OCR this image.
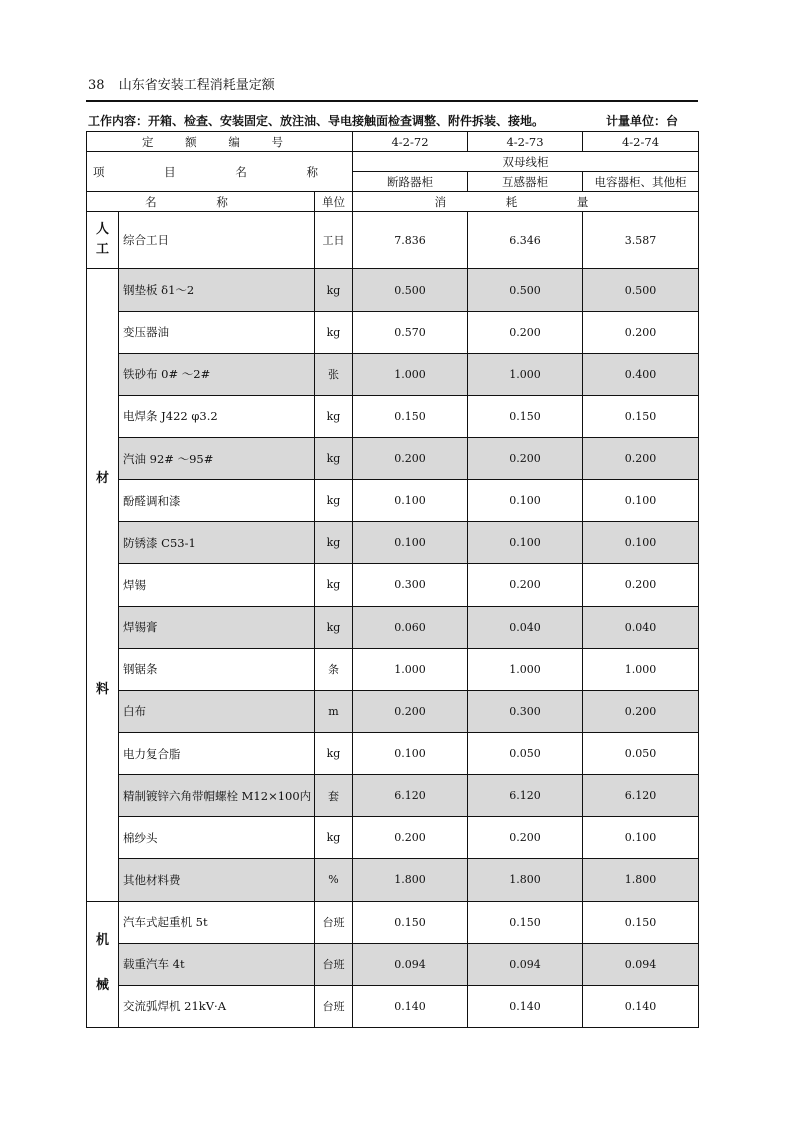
38 山东省安装工程消耗量定额
工作内容：开箱、检查、安装固定、放注油、导电接触面检查调整、附件拆装、接地。	计量单位：台
定 额 编 号			4-2-72	4-2-73	4-2-74
项 目 名 称			双母线柜		
			断路器柜	互感器柜	电容器柜、其他柜
名 称		单位	消 耗 量		
人工	综合工日	工日	7.836	6.346	3.587

材
料	钢垫板 δ1～2	kg	0.500	0.500	0.500
	变压器油	kg	0.570	0.200	0.200
	铁砂布 0# ～2#	张	1.000	1.000	0.400
	电焊条 J422 φ3.2	kg	0.150	0.150	0.150
	汽油 92# ～95#	kg	0.200	0.200	0.200
	酚醛调和漆	kg	0.100	0.100	0.100
	防锈漆 C53-1	kg	0.100	0.100	0.100
	焊锡	kg	0.300	0.200	0.200
	焊锡膏	kg	0.060	0.040	0.040
	钢锯条	条	1.000	1.000	1.000
	白布	m	0.200	0.300	0.200
	电力复合脂	kg	0.100	0.050	0.050
	精制镀锌六角带帽螺栓 M12×100内	套	6.120	6.120	6.120
	棉纱头	kg	0.200	0.200	0.100
	其他材料费	%	1.800	1.800	1.800

机
械	汽车式起重机 5t	台班	0.150	0.150	0.150
	载重汽车 4t	台班	0.094	0.094	0.094
	交流弧焊机 21kV·A	台班	0.140	0.140	0.140
